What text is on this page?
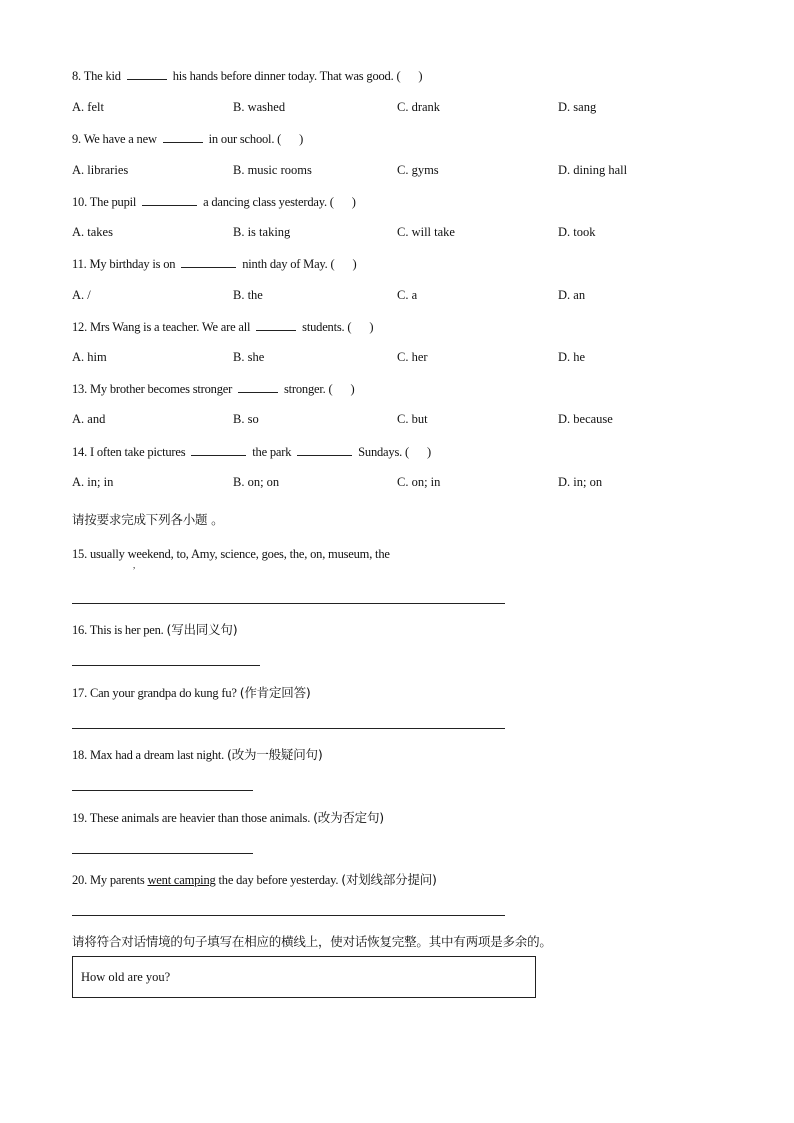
8. The kid	his hands before dinner today. That was good. ( )
A. felt	B. washed	C. drank	D. sang
9. We have a new	in our school. ( )
A. libraries	B. music rooms	C. gyms	D. dining hall
10. The pupil	a dancing class yesterday. ( )
A. takes	B. is taking	C. will take	D. took
11. My birthday is on	ninth day of May. ( )
A. /	B. the	C. a	D. an
12. Mrs Wang is a teacher. We are all	students. ( )
A. him	B. she	C. her	D. he
13. My brother becomes stronger	stronger. ( )
A. and	B. so	C. but	D. because
14. I often take pictures	the park	Sundays. ( )
A. in; in	B. on; on	C. on; in	D. in; on
请按要求完成下列各小题 。
15. usually weekend, to, Amy, science, goes, the, on, museum, the
,
16. This is her pen. (写出同义句)
17. Can your grandpa do kung fu? (作肯定回答)
18. Max had a dream last night. (改为一般疑问句)
19. These animals are heavier than those animals. (改为否定句)
20. My parents went camping the day before yesterday. (对划线部分提问)
请将符合对话情境的句子填写在相应的横线上，使对话恢复完整。其中有两项是多余的。
How old are you?
